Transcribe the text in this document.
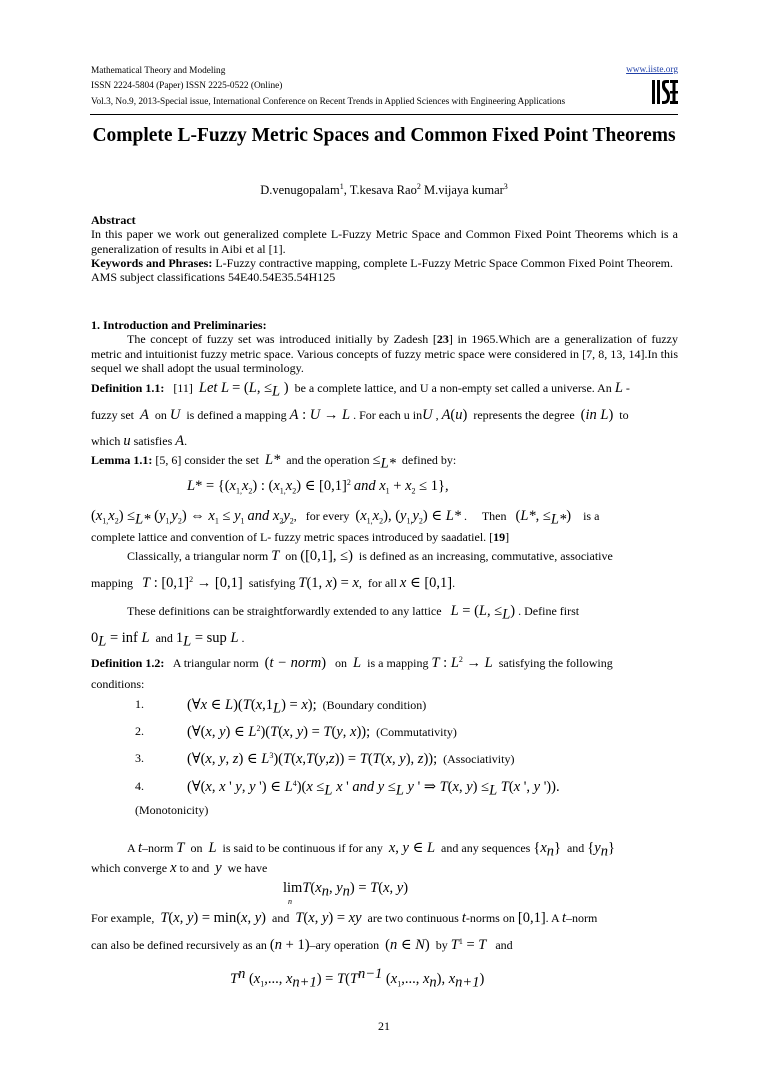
Mathematical Theory and Modeling
ISSN 2224-5804 (Paper) ISSN 2225-0522 (Online)
Vol.3, No.9, 2013-Special issue, International Conference on Recent Trends in Applied Sciences with Engineering Applications
www.iiste.org
Complete L-Fuzzy Metric Spaces and Common Fixed Point Theorems
D.venugopalam$^1$, T.kesava Rao$^2$ M.vijaya kumar$^3$
Abstract
In this paper we work out generalized complete L-Fuzzy Metric Space and Common Fixed Point Theorems which is a generalization of results in Aibi et al [1].
Keywords and Phrases: L-Fuzzy contractive mapping, complete L-Fuzzy Metric Space Common Fixed Point Theorem.
AMS subject classifications 54E40.54E35.54H125
1. Introduction and Preliminaries:
The concept of fuzzy set was introduced initially by Zadesh [23] in 1965.Which are a generalization of fuzzy metric and intuitionist fuzzy metric space. Various concepts of fuzzy metric space were considered in [7, 8, 13, 14].In this sequel we shall adopt the usual terminology.
Definition 1.1: [11] Let L = (L, $\le_L$ ) be a complete lattice, and U a non-empty set called a universe. An L -
fuzzy set A on U is defined a mapping A : U → L . For each u inU , A(u) represents the degree (in L) to
which u satisfies A.
Lemma 1.1: [5, 6] consider the set L* and the operation $\le_{L*}$ defined by:
$L* = \{(x_{1,}x_2)$ : $(x_{1,}x_2)$ ∈ $[0,1]^2$ and $x_1 + x_2 \le 1$},
$(x_{1,}x_2) \le_{L*}$ $(y_{1,}y_2)$ ⇔ $x_1 \le y_1$ and $x_2y_2$,   for every $(x_{1,}x_2)$, $(y_{1,}y_2)$ ∈ L* .     Then (L*, $\le_{L*}$) is a
complete lattice and convention of L- fuzzy metric spaces introduced by saadatiel. [19]
Classically, a triangular norm T on ([0,1], ≤) is defined as an increasing, commutative, associative
mapping T : $[0,1]^2 \to [0,1]$ satisfying T(1, x) = x,  for all x ∈ [0,1].
These definitions can be straightforwardly extended to any lattice L = (L, $\le_L$) . Define first
$0_L$ = inf L and $1_L$ = sup L .
Definition 1.2: A triangular norm (t − norm) on L is a mapping T : $L^2 \to L$ satisfying the following
conditions:
1.	(∀x ∈ $L)(T(x,1_L) = x)$; (Boundary condition)
2.	(∀(x, y) ∈ $L^2)(T(x$, y) = T(y, x)); (Commutativity)
3.	(∀(x, y, z) ∈ $L^3)(T(x,T(y,z)) = T(T(x$, y), z)); (Associativity)
4.	(∀(x, x ' y, y ') ∈ $L^4)(x \le_L$ x ' and $y \le_L$ y ' ⇒ T(x, $y) \le_L$ T(x ', y ')).
(Monotonicity)
A t–norm T on L is said to be continuous if for any x, y ∈ L and any sequences $\{x_n\}$ and $\{y_n\}$
which converge x to and y we have
$\lim T(x_n$, $y_n) = T(x$, y)
n
For example, T(x, y) = min(x, y) and T(x, y) = xy are two continuous t-norms on [0,1]. A t–norm
can also be defined recursively as an (n + 1)–ary operation (n ∈ N) by $T^1 = T$ and
$T^n$ ($x_1$,..., $x_{n+1}) = T(T^{n-1}$ ($x_1$,..., $x_n$), $x_{n+1}$)
21
